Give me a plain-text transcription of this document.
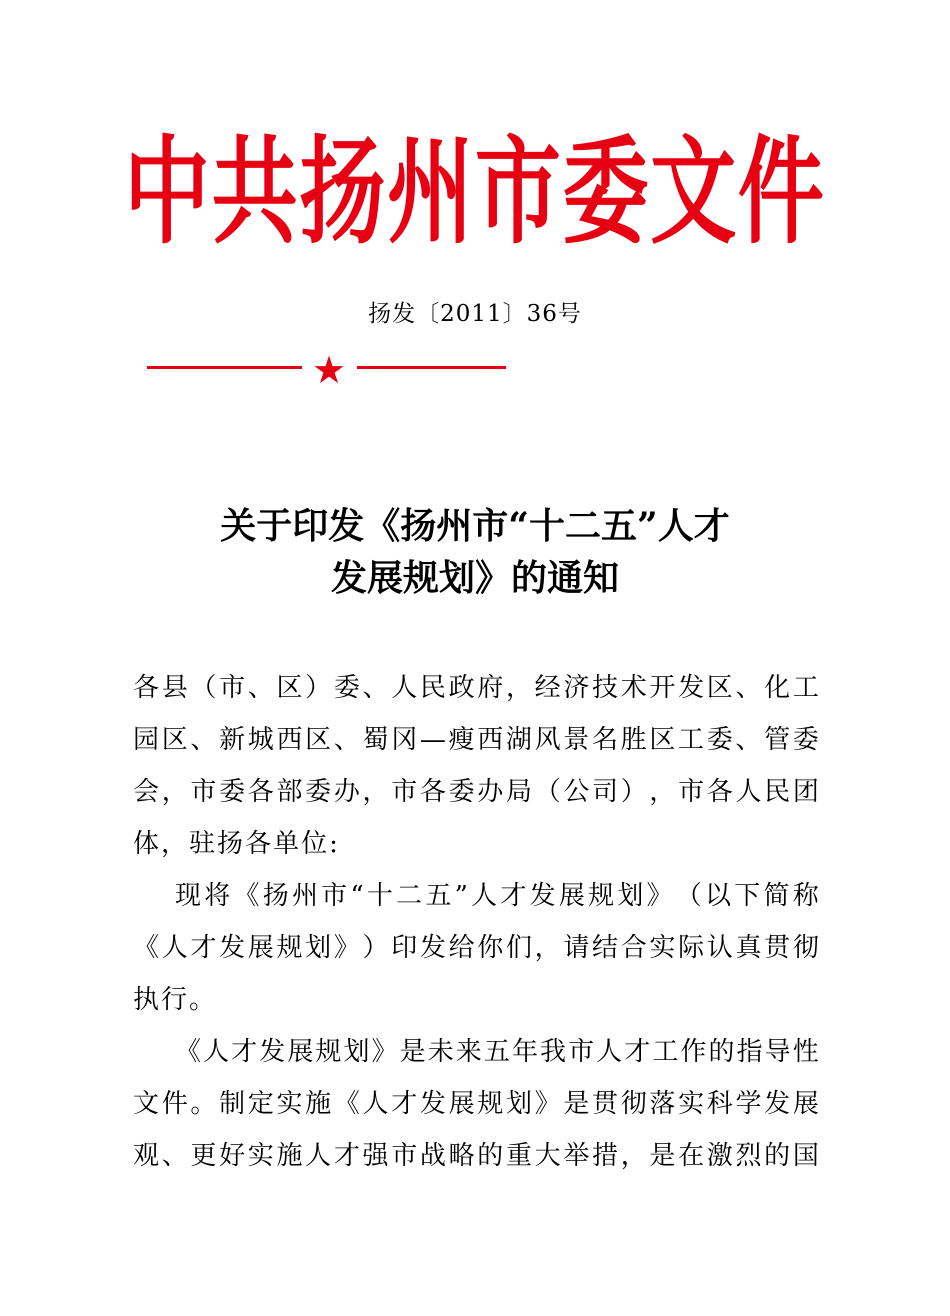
中 共 扬 州 市 委 文 件
扬发〔2011〕36号
★
关于印发《扬州市“十二五”人才
发展规划》的通知
各 县 （ 市 、 区 ） 委 、 人 民 政 府 ， 经 济 技 术 开 发 区 、 化 工
园 区 、 新 城 西 区 、 蜀 冈 — 瘦 西 湖 风 景 名 胜 区 工 委 、 管 委
会 ， 市 委 各 部 委 办 ， 市 各 委 办 局 （ 公 司 ） ， 市 各 人 民 团
体 ， 驻 扬 各 单 位 :
现 将 《 扬 州 市 “ 十 二 五 ” 人 才 发 展 规 划 》 （ 以 下 简 称
《 人 才 发 展 规 划 》 ） 印 发 给 你 们 ， 请 结 合 实 际 认 真 贯 彻
执 行 。
《 人 才 发 展 规 划 》 是 未 来 五 年 我 市 人 才 工 作 的 指 导 性
文 件 。 制 定 实 施 《 人 才 发 展 规 划 》 是 贯 彻 落 实 科 学 发 展
观 、 更 好 实 施 人 才 强 市 战 略 的 重 大 举 措 ， 是 在 激 烈 的 国
